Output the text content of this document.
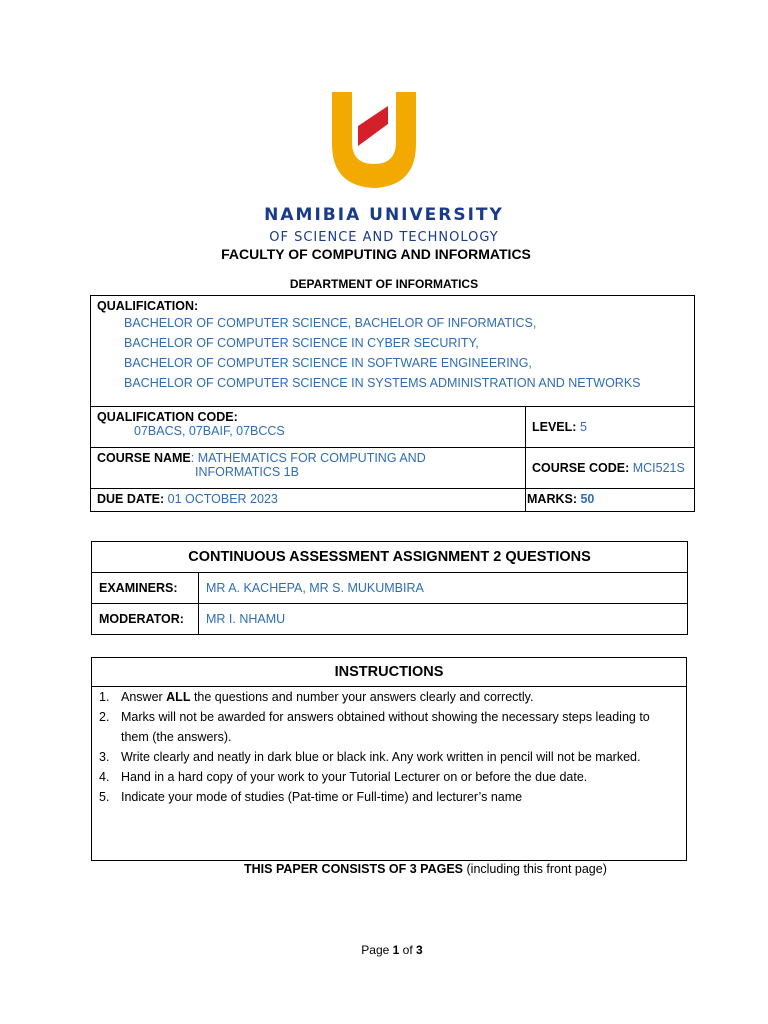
NAMIBIA UNIVERSITY
OF SCIENCE AND TECHNOLOGY
FACULTY OF COMPUTING AND INFORMATICS
DEPARTMENT OF INFORMATICS
QUALIFICATION:
BACHELOR OF COMPUTER SCIENCE, BACHELOR OF INFORMATICS,
BACHELOR OF COMPUTER SCIENCE IN CYBER SECURITY,
BACHELOR OF COMPUTER SCIENCE IN SOFTWARE ENGINEERING,
BACHELOR OF COMPUTER SCIENCE IN SYSTEMS ADMINISTRATION AND NETWORKS	

QUALIFICATION CODE:
07BACS, 07BAIF, 07BCCS	LEVEL: 5

COURSE NAME: MATHEMATICS FOR COMPUTING AND
INFORMATICS 1B	COURSE CODE: MCI521S
DUE DATE: 01 OCTOBER 2023	MARKS: 50
CONTINUOUS ASSESSMENT ASSIGNMENT 2 QUESTIONS	
EXAMINERS:	MR A. KACHEPA, MR S. MUKUMBIRA
MODERATOR:	MR I. NHAMU
INSTRUCTIONS
1. Answer ALL the questions and number your answers clearly and correctly.
2. Marks will not be awarded for answers obtained without showing the necessary steps leading to them (the answers).
3. Write clearly and neatly in dark blue or black ink. Any work written in pencil will not be marked.
4. Hand in a hard copy of your work to your Tutorial Lecturer on or before the due date.
5. Indicate your mode of studies (Pat-time or Full-time) and lecturer’s name
THIS PAPER CONSISTS OF 3 PAGES (including this front page)
Page 1 of 3
